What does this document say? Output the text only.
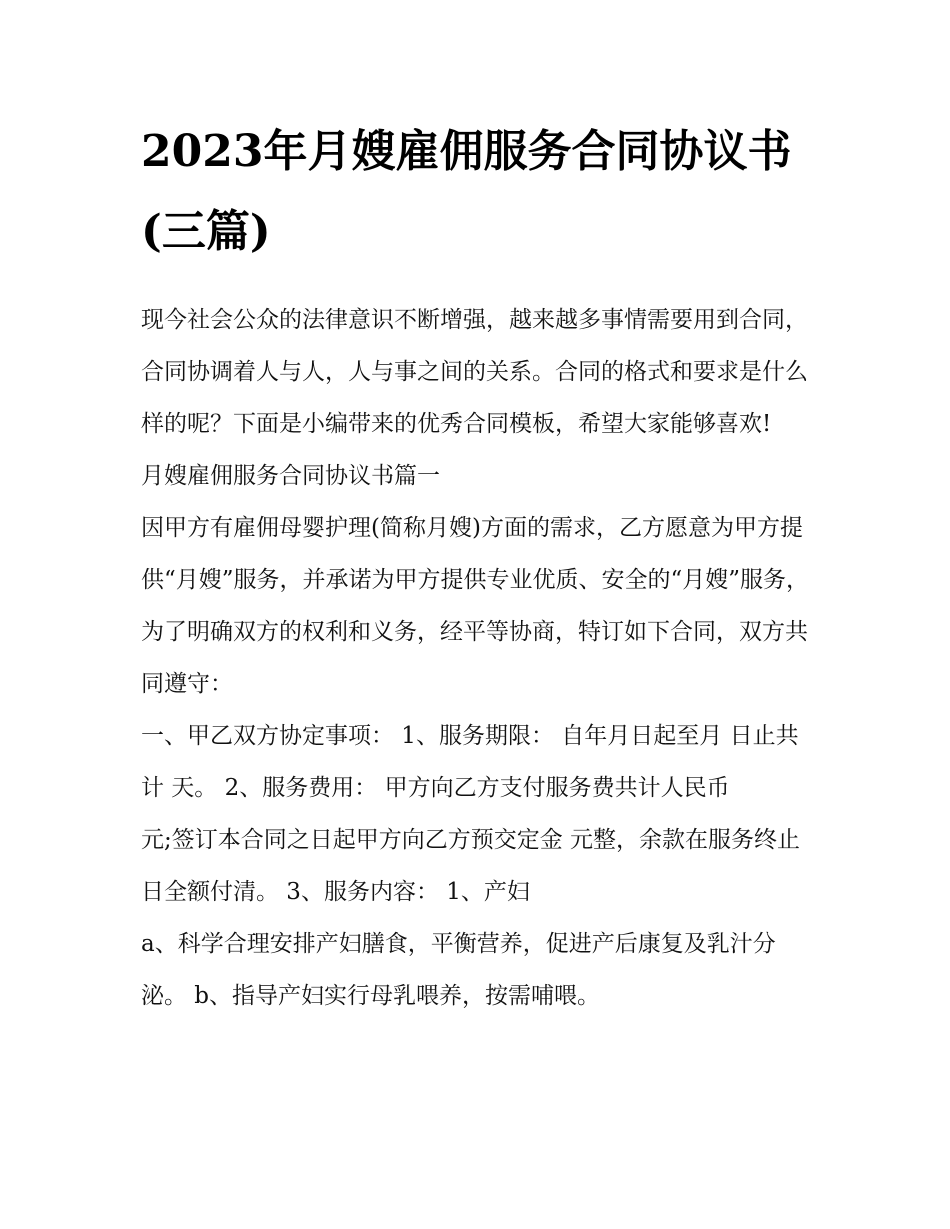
2023年月嫂雇佣服务合同协议书(三篇)

现今社会公众的法律意识不断增强，越来越多事情需要用到合同，合同协调着人与人，人与事之间的关系。合同的格式和要求是什么样的呢？下面是小编带来的优秀合同模板，希望大家能够喜欢!

月嫂雇佣服务合同协议书篇一

因甲方有雇佣母婴护理(简称月嫂)方面的需求，乙方愿意为甲方提供“月嫂”服务，并承诺为甲方提供专业优质、安全的“月嫂”服务，为了明确双方的权利和义务，经平等协商，特订如下合同，双方共同遵守：

一、甲乙双方协定事项： 1、服务期限： 自年月日起至月 日止共计 天。 2、服务费用： 甲方向乙方支付服务费共计人民币

元;签订本合同之日起甲方向乙方预交定金 元整，余款在服务终止日全额付清。 3、服务内容： 1、产妇

a、科学合理安排产妇膳食，平衡营养，促进产后康复及乳汁分泌。 b、指导产妇实行母乳喂养，按需哺喂。
